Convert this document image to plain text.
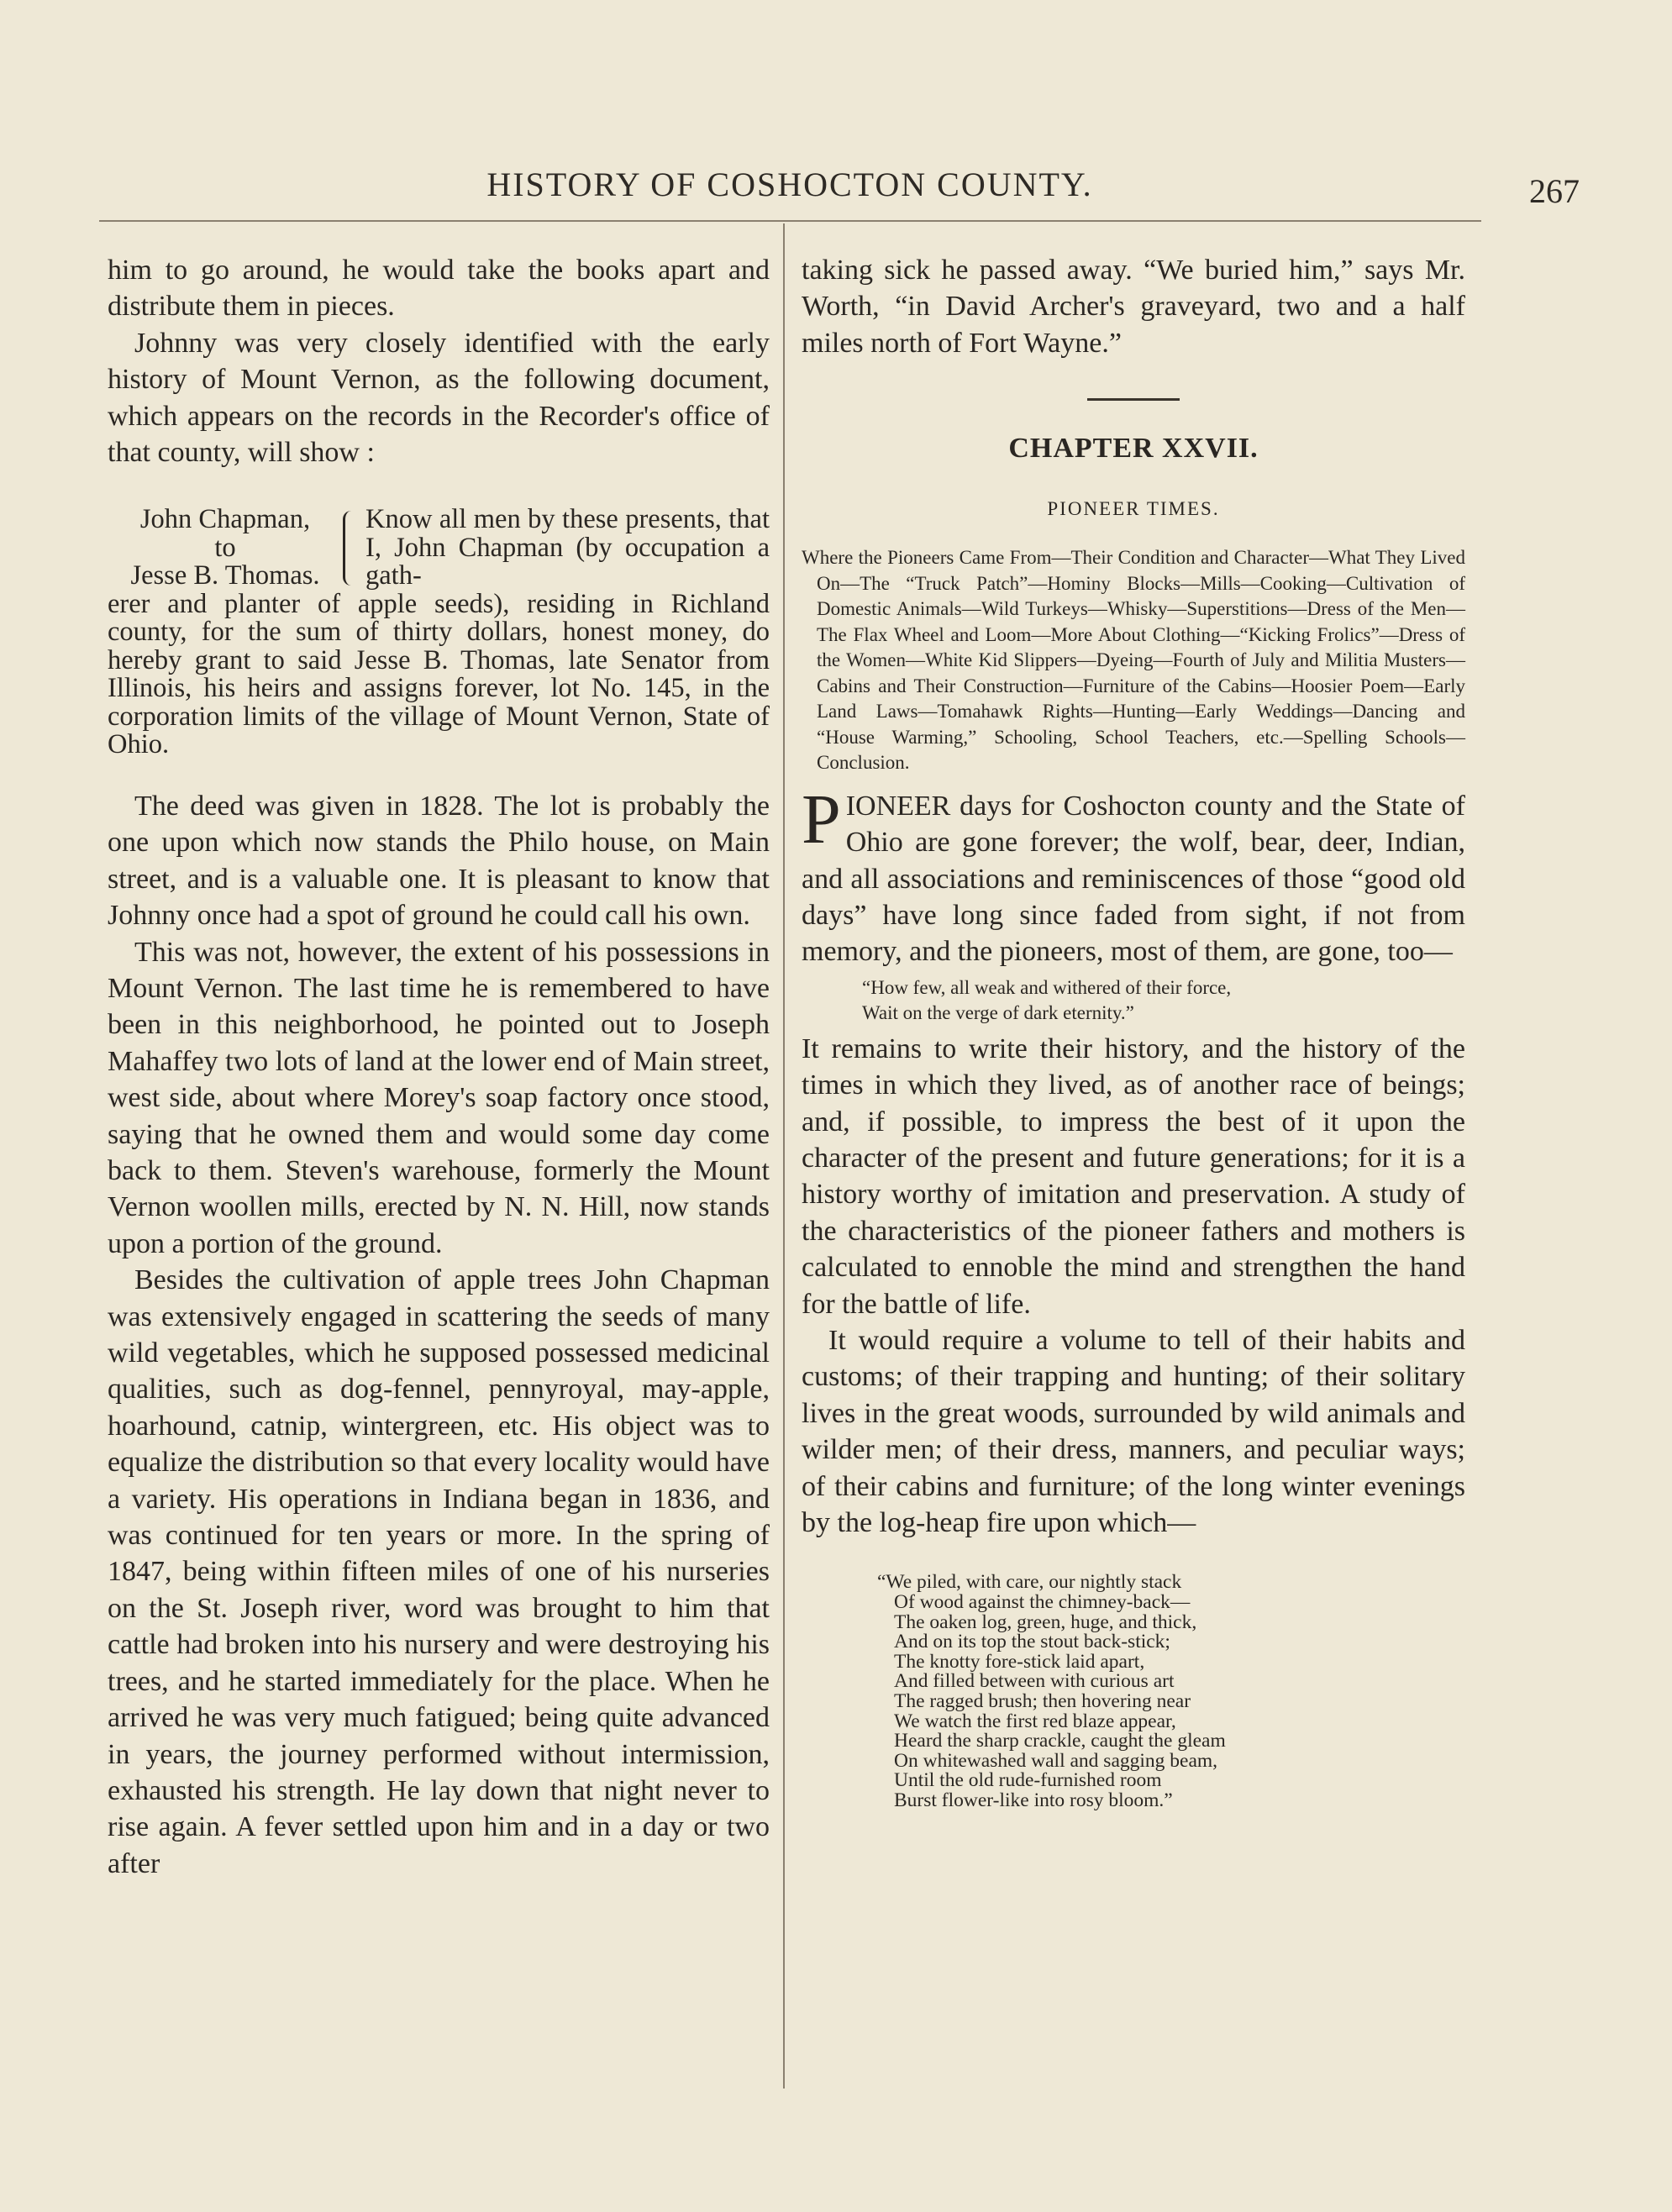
HISTORY OF COSHOCTON COUNTY.	267

him to go around, he would take the books apart and distribute them in pieces.

Johnny was very closely identified with the early history of Mount Vernon, as the following document, which appears on the records in the Recorder's office of that county, will show :

John Chapman,
to
Jesse B. Thomas.
Know all men by these presents, that I, John Chapman (by occupation a gath-
erer and planter of apple seeds), residing in Richland county, for the sum of thirty dollars, honest money, do hereby grant to said Jesse B. Thomas, late Senator from Illinois, his heirs and assigns forever, lot No. 145, in the corporation limits of the village of Mount Vernon, State of Ohio.

The deed was given in 1828. The lot is probably the one upon which now stands the Philo house, on Main street, and is a valuable one. It is pleasant to know that Johnny once had a spot of ground he could call his own.

This was not, however, the extent of his possessions in Mount Vernon. The last time he is remembered to have been in this neighborhood, he pointed out to Joseph Mahaffey two lots of land at the lower end of Main street, west side, about where Morey's soap factory once stood, saying that he owned them and would some day come back to them. Steven's warehouse, formerly the Mount Vernon woollen mills, erected by N. N. Hill, now stands upon a portion of the ground.

Besides the cultivation of apple trees John Chapman was extensively engaged in scattering the seeds of many wild vegetables, which he supposed possessed medicinal qualities, such as dog-fennel, pennyroyal, may-apple, hoarhound, catnip, wintergreen, etc. His object was to equalize the distribution so that every locality would have a variety. His operations in Indiana began in 1836, and was continued for ten years or more. In the spring of 1847, being within fifteen miles of one of his nurseries on the St. Joseph river, word was brought to him that cattle had broken into his nursery and were destroying his trees, and he started immediately for the place. When he arrived he was very much fatigued; being quite advanced in years, the journey performed without intermission, exhausted his strength. He lay down that night never to rise again. A fever settled upon him and in a day or two after

taking sick he passed away. “We buried him,” says Mr. Worth, “in David Archer's graveyard, two and a half miles north of Fort Wayne.”

CHAPTER XXVII.
PIONEER TIMES.

Where the Pioneers Came From—Their Condition and Character—What They Lived On—The “Truck Patch”—Hominy Blocks—Mills—Cooking—Cultivation of Domestic Animals—Wild Turkeys—Whisky—Superstitions—Dress of the Men—The Flax Wheel and Loom—More About Clothing—“Kicking Frolics”—Dress of the Women—White Kid Slippers—Dyeing—Fourth of July and Militia Musters—Cabins and Their Construction—Furniture of the Cabins—Hoosier Poem—Early Land Laws—Tomahawk Rights—Hunting—Early Weddings—Dancing and “House Warming,” Schooling, School Teachers, etc.—Spelling Schools—Conclusion.

PIONEER days for Coshocton county and the State of Ohio are gone forever; the wolf, bear, deer, Indian, and all associations and reminiscences of those “good old days” have long since faded from sight, if not from memory, and the pioneers, most of them, are gone, too—

“How few, all weak and withered of their force,
Wait on the verge of dark eternity.”

It remains to write their history, and the history of the times in which they lived, as of another race of beings; and, if possible, to impress the best of it upon the character of the present and future generations; for it is a history worthy of imitation and preservation. A study of the characteristics of the pioneer fathers and mothers is calculated to ennoble the mind and strengthen the hand for the battle of life.

It would require a volume to tell of their habits and customs; of their trapping and hunting; of their solitary lives in the great woods, surrounded by wild animals and wilder men; of their dress, manners, and peculiar ways; of their cabins and furniture; of the long winter evenings by the log-heap fire upon which—

“We piled, with care, our nightly stack
Of wood against the chimney-back—
The oaken log, green, huge, and thick,
And on its top the stout back-stick;
The knotty fore-stick laid apart,
And filled between with curious art
The ragged brush; then hovering near
We watch the first red blaze appear,
Heard the sharp crackle, caught the gleam
On whitewashed wall and sagging beam,
Until the old rude-furnished room
Burst flower-like into rosy bloom.”
